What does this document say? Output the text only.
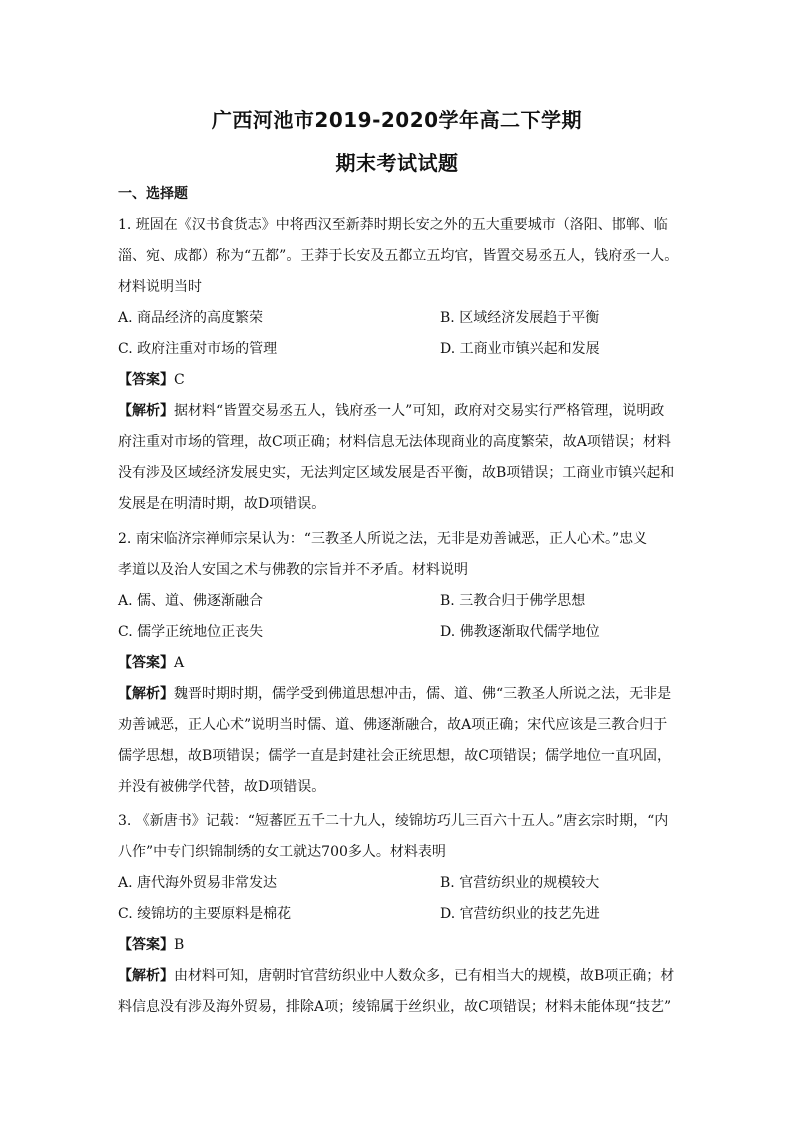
广西河池市2019-2020学年高二下学期
期末考试试题
一、选择题
1. 班固在《汉书食货志》中将西汉至新莽时期长安之外的五大重要城市（洛阳、邯郸、临
淄、宛、成都）称为“五都”。王莽于长安及五都立五均官，皆置交易丞五人，钱府丞一人。
材料说明当时
A. 商品经济的高度繁荣	B. 区域经济发展趋于平衡
C. 政府注重对市场的管理	D. 工商业市镇兴起和发展
【答案】C
【解析】据材料“皆置交易丞五人，钱府丞一人”可知，政府对交易实行严格管理，说明政
府注重对市场的管理，故C项正确；材料信息无法体现商业的高度繁荣，故A项错误；材料
没有涉及区域经济发展史实，无法判定区域发展是否平衡，故B项错误；工商业市镇兴起和
发展是在明清时期，故D项错误。
2. 南宋临济宗禅师宗杲认为：“三教圣人所说之法，无非是劝善诫恶，正人心术。”忠义
孝道以及治人安国之术与佛教的宗旨并不矛盾。材料说明
A. 儒、道、佛逐渐融合	B. 三教合归于佛学思想
C. 儒学正统地位正丧失	D. 佛教逐渐取代儒学地位
【答案】A
【解析】魏晋时期时期，儒学受到佛道思想冲击，儒、道、佛“三教圣人所说之法，无非是
劝善诫恶，正人心术”说明当时儒、道、佛逐渐融合，故A项正确；宋代应该是三教合归于
儒学思想，故B项错误；儒学一直是封建社会正统思想，故C项错误；儒学地位一直巩固，
并没有被佛学代替，故D项错误。
3. 《新唐书》记载：“短蕃匠五千二十九人，绫锦坊巧儿三百六十五人。”唐玄宗时期，“内
八作”中专门织锦制绣的女工就达700多人。材料表明
A. 唐代海外贸易非常发达	B. 官营纺织业的规模较大
C. 绫锦坊的主要原料是棉花	D. 官营纺织业的技艺先进
【答案】B
【解析】由材料可知，唐朝时官营纺织业中人数众多，已有相当大的规模，故B项正确；材
料信息没有涉及海外贸易，排除A项；绫锦属于丝织业，故C项错误；材料未能体现“技艺”
